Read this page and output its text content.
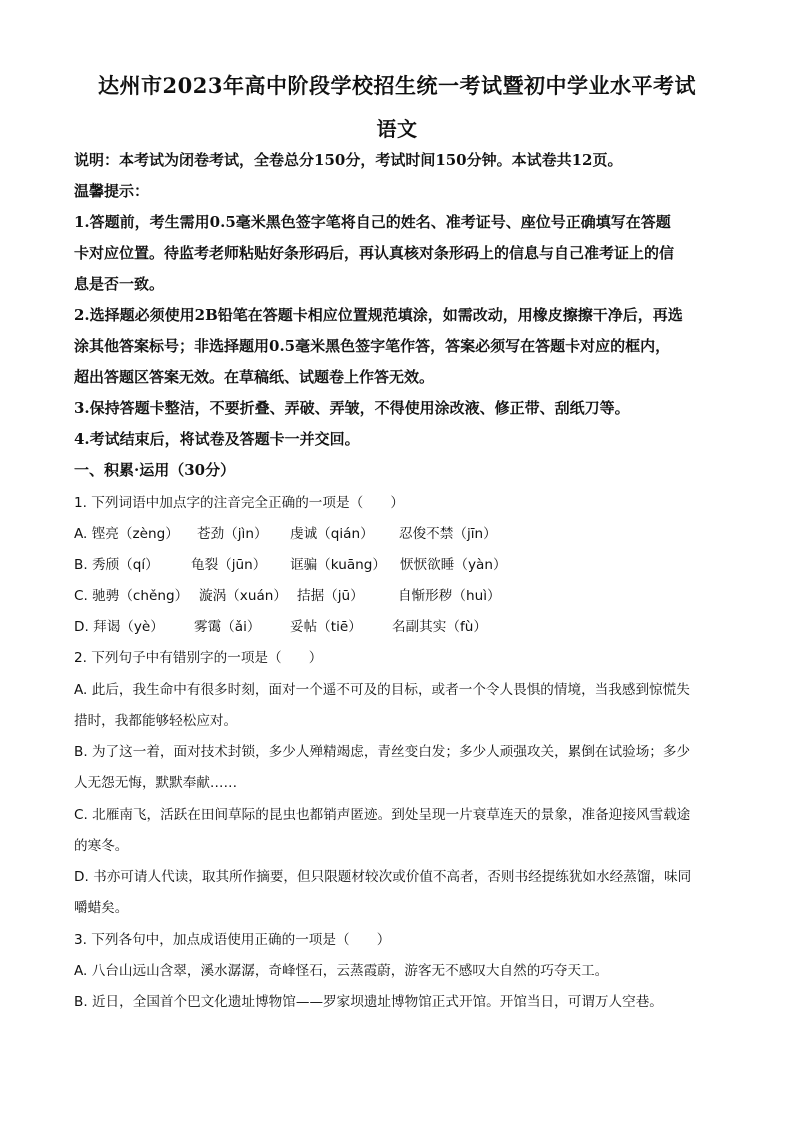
达州市2023年高中阶段学校招生统一考试暨初中学业水平考试
语文
说明：本考试为闭卷考试，全卷总分150分，考试时间150分钟。本试卷共12页。
温馨提示：
1.答题前，考生需用0.5毫米黑色签字笔将自己的姓名、准考证号、座位号正确填写在答题
卡对应位置。待监考老师粘贴好条形码后，再认真核对条形码上的信息与自己准考证上的信
息是否一致。
2.选择题必须使用2B铅笔在答题卡相应位置规范填涂，如需改动，用橡皮擦擦干净后，再选
涂其他答案标号；非选择题用0.5毫米黑色签字笔作答，答案必须写在答题卡对应的框内，
超出答题区答案无效。在草稿纸、试题卷上作答无效。
3.保持答题卡整洁，不要折叠、弄破、弄皱，不得使用涂改液、修正带、刮纸刀等。
4.考试结束后，将试卷及答题卡一并交回。
一、积累·运用（30分）
1. 下列词语中加点字的注音完全正确的一项是（　　）
A. 铿亮（zèng） 苍劲（jìn） 虔诚（qián） 忍俊不禁（jīn）
B. 秀颀（qí） 龟裂（jūn） 诓骗（kuāng） 恹恹欲睡（yàn）
C. 驰骋（chěng） 漩涡（xuán） 拮据（jū）	自惭形秽（huì）
D. 拜谒（yè） 雾霭（ǎi） 妥帖（tiē） 名副其实（fù）
2. 下列句子中有错别字的一项是（　　）
A. 此后，我生命中有很多时刻，面对一个遥不可及的目标，或者一个令人畏惧的情境，当我感到惊慌失
措时，我都能够轻松应对。
B. 为了这一着，面对技术封锁，多少人殚精竭虑，青丝变白发；多少人顽强攻关，累倒在试验场；多少
人无怨无悔，默默奉献……
C. 北雁南飞，活跃在田间草际的昆虫也都销声匿迹。到处呈现一片衰草连天的景象，准备迎接风雪载途
的寒冬。
D. 书亦可请人代读，取其所作摘要，但只限题材较次或价值不高者，否则书经提练犹如水经蒸馏，味同
嚼蜡矣。
3. 下列各句中，加点成语使用正确的一项是（　　）
A. 八台山远山含翠，溪水潺潺，奇峰怪石，云蒸霞蔚，游客无不感叹大自然的巧夺天工。
B. 近日，全国首个巴文化遗址博物馆——罗家坝遗址博物馆正式开馆。开馆当日，可谓万人空巷。
